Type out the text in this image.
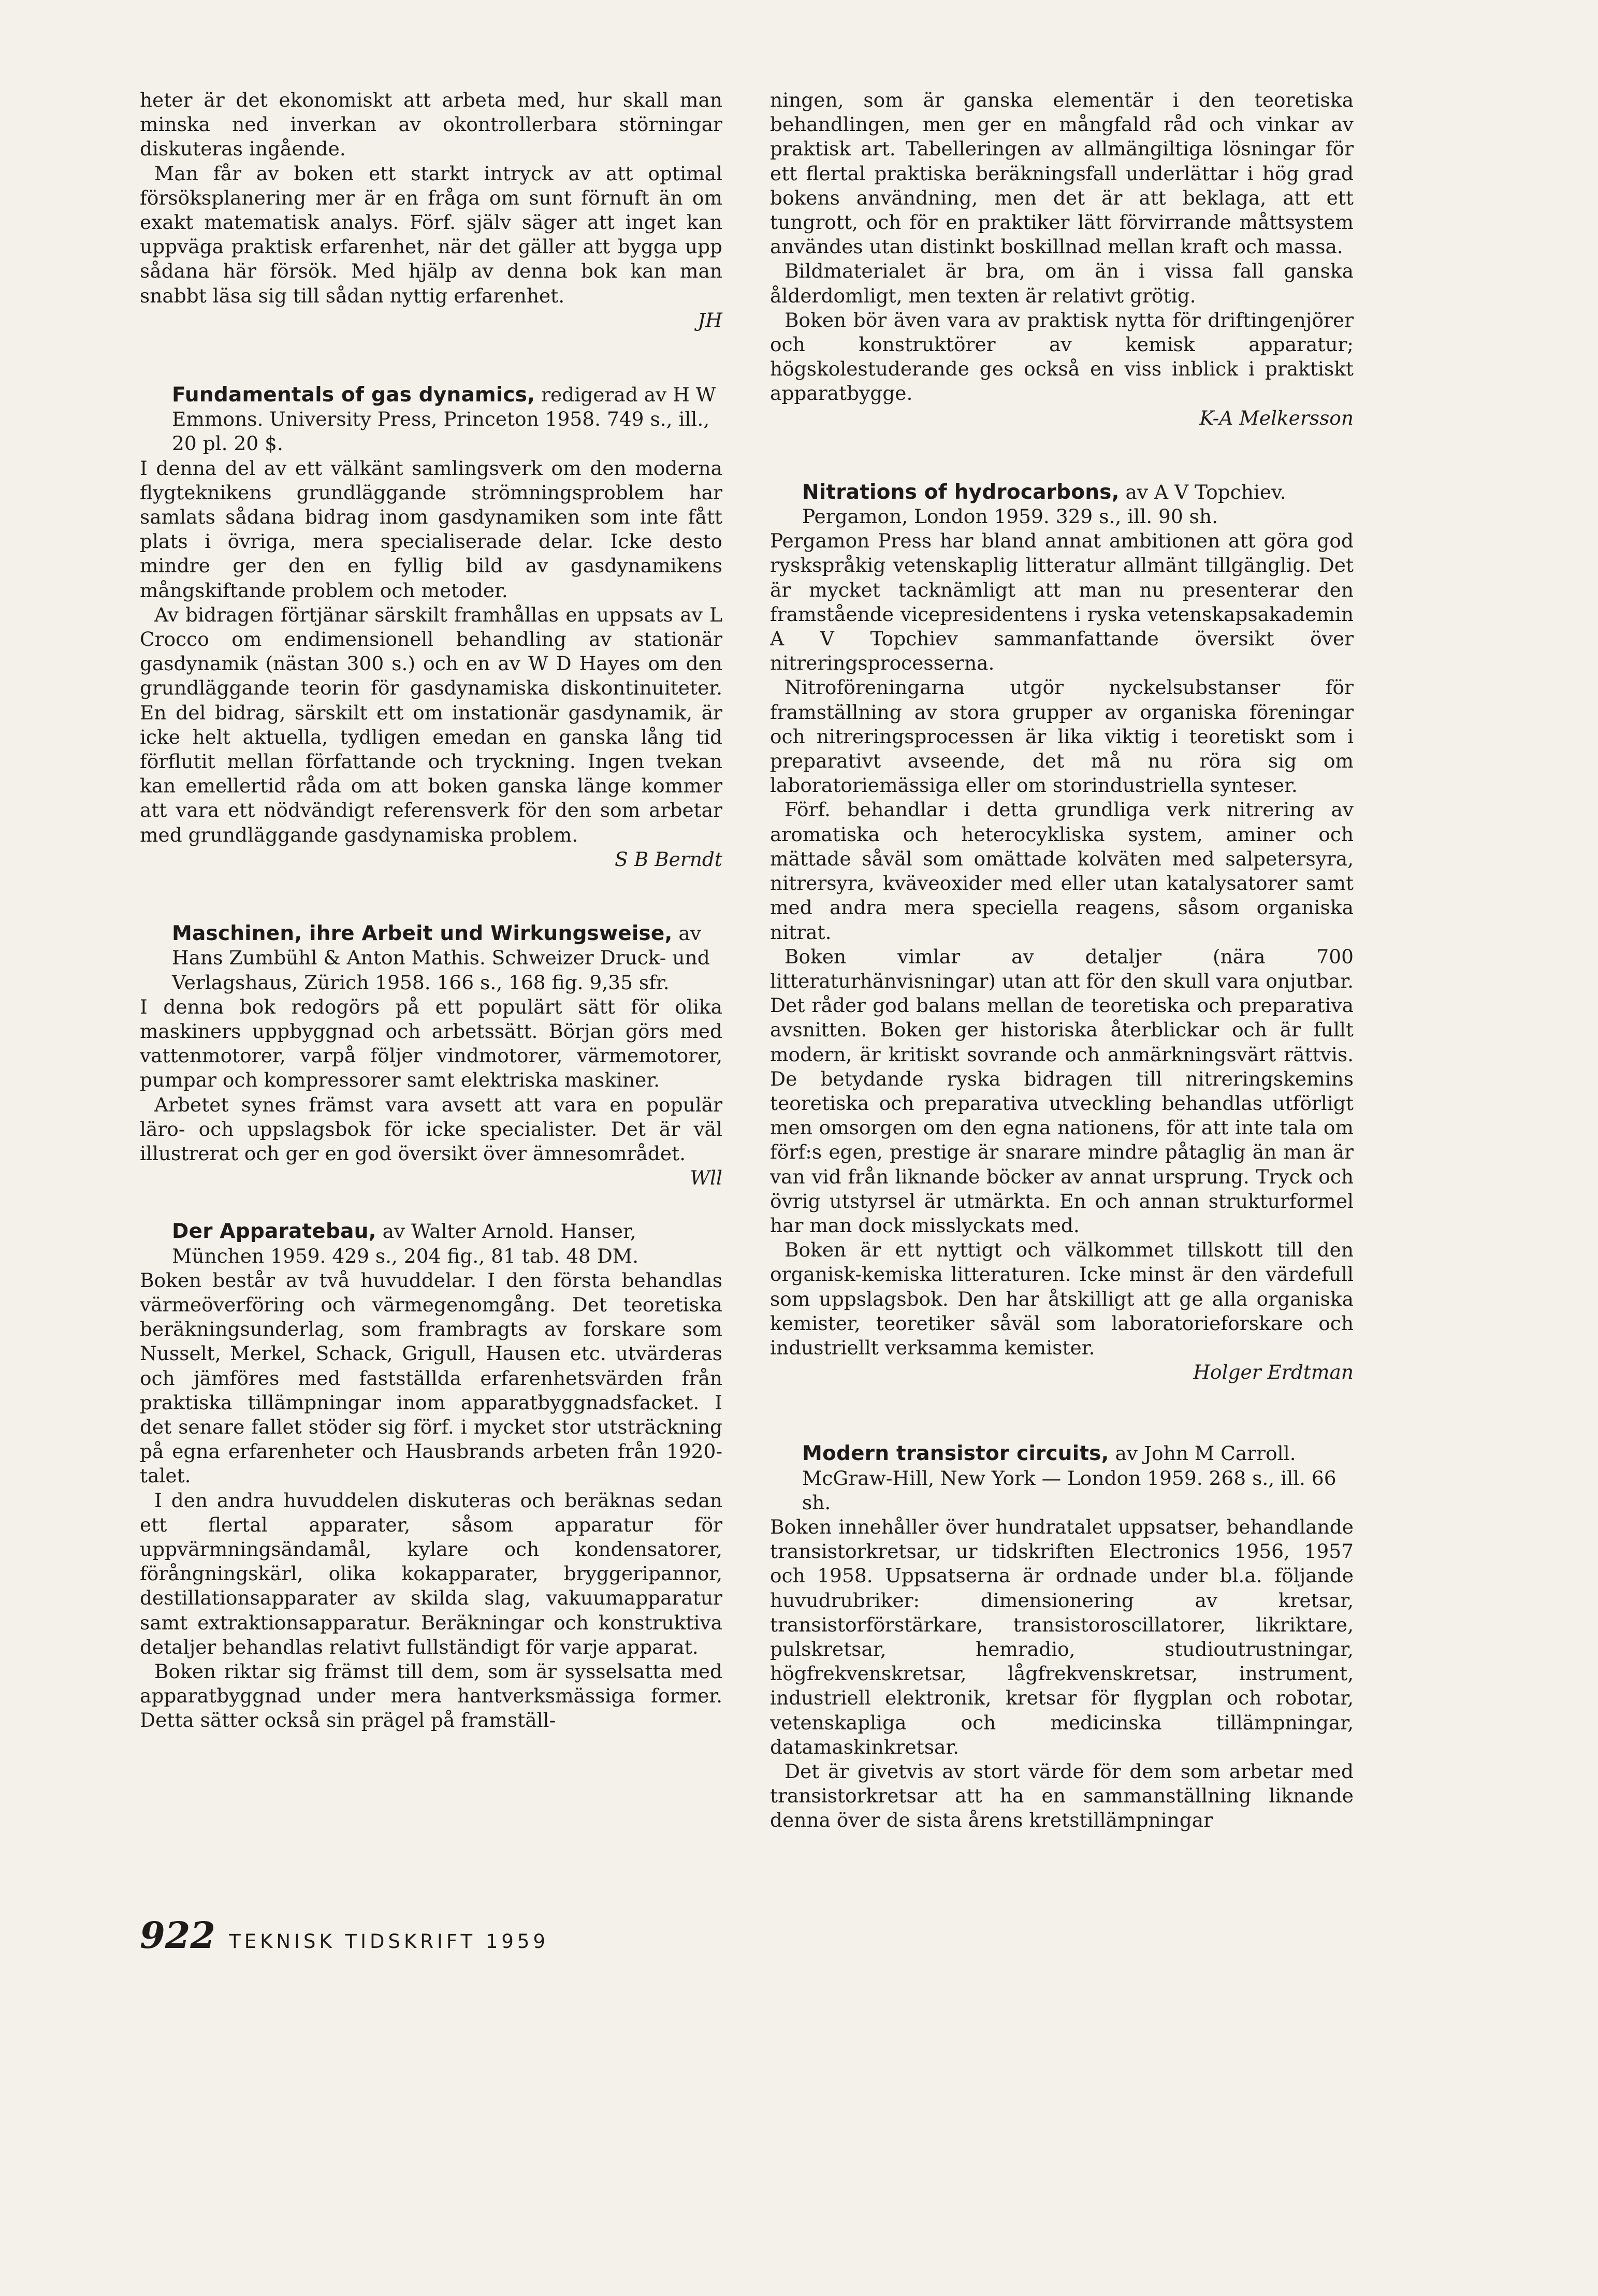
heter är det ekonomiskt att arbeta med, hur skall man minska ned inverkan av okontrollerbara störningar diskuteras ingående.

Man får av boken ett starkt intryck av att optimal försöksplanering mer är en fråga om sunt förnuft än om exakt matematisk analys. Förf. själv säger att inget kan uppväga praktisk erfarenhet, när det gäller att bygga upp sådana här försök. Med hjälp av denna bok kan man snabbt läsa sig till sådan nyttig erfarenhet.

JH

Fundamentals of gas dynamics, redigerad av H W Emmons. University Press, Princeton 1958. 749 s., ill., 20 pl. 20 $.

I denna del av ett välkänt samlingsverk om den moderna flygteknikens grundläggande strömningsproblem har samlats sådana bidrag inom gasdynamiken som inte fått plats i övriga, mera specialiserade delar. Icke desto mindre ger den en fyllig bild av gasdynamikens mångskiftande problem och metoder.

Av bidragen förtjänar särskilt framhållas en uppsats av L Crocco om endimensionell behandling av stationär gasdynamik (nästan 300 s.) och en av W D Hayes om den grundläggande teorin för gasdynamiska diskontinuiteter. En del bidrag, särskilt ett om instationär gasdynamik, är icke helt aktuella, tydligen emedan en ganska lång tid förflutit mellan författande och tryckning. Ingen tvekan kan emellertid råda om att boken ganska länge kommer att vara ett nödvändigt referensverk för den som arbetar med grundläggande gasdynamiska problem.

S B Berndt

Maschinen, ihre Arbeit und Wirkungsweise, av Hans Zumbühl & Anton Mathis. Schweizer Druck- und Verlagshaus, Zürich 1958. 166 s., 168 fig. 9,35 sfr.

I denna bok redogörs på ett populärt sätt för olika maskiners uppbyggnad och arbetssätt. Början görs med vattenmotorer, varpå följer vindmotorer, värmemotorer, pumpar och kompressorer samt elektriska maskiner.

Arbetet synes främst vara avsett att vara en populär läro- och uppslagsbok för icke specialister. Det är väl illustrerat och ger en god översikt över ämnesområdet.

Wll

Der Apparatebau, av Walter Arnold. Hanser, München 1959. 429 s., 204 fig., 81 tab. 48 DM.

Boken består av två huvuddelar. I den första behandlas värmeöverföring och värmegenomgång. Det teoretiska beräkningsunderlag, som frambragts av forskare som Nusselt, Merkel, Schack, Grigull, Hausen etc. utvärderas och jämföres med fastställda erfarenhetsvärden från praktiska tillämpningar inom apparatbyggnadsfacket. I det senare fallet stöder sig förf. i mycket stor utsträckning på egna erfarenheter och Hausbrands arbeten från 1920-talet.

I den andra huvuddelen diskuteras och beräknas sedan ett flertal apparater, såsom apparatur för uppvärmningsändamål, kylare och kondensatorer, förångningskärl, olika kokapparater, bryggeripannor, destillationsapparater av skilda slag, vakuumapparatur samt extraktionsapparatur. Beräkningar och konstruktiva detaljer behandlas relativt fullständigt för varje apparat.

Boken riktar sig främst till dem, som är sysselsatta med apparatbyggnad under mera hantverksmässiga former. Detta sätter också sin prägel på framställ-

ningen, som är ganska elementär i den teoretiska behandlingen, men ger en mångfald råd och vinkar av praktisk art. Tabelleringen av allmängiltiga lösningar för ett flertal praktiska beräkningsfall underlättar i hög grad bokens användning, men det är att beklaga, att ett tungrott, och för en praktiker lätt förvirrande måttsystem användes utan distinkt boskillnad mellan kraft och massa.

Bildmaterialet är bra, om än i vissa fall ganska ålderdomligt, men texten är relativt grötig.

Boken bör även vara av praktisk nytta för driftingenjörer och konstruktörer av kemisk apparatur; högskolestuderande ges också en viss inblick i praktiskt apparatbygge.

K-A Melkersson

Nitrations of hydrocarbons, av A V Topchiev. Pergamon, London 1959. 329 s., ill. 90 sh.

Pergamon Press har bland annat ambitionen att göra god ryskspråkig vetenskaplig litteratur allmänt tillgänglig. Det är mycket tacknämligt att man nu presenterar den framstående vicepresidentens i ryska vetenskapsakademin A V Topchiev sammanfattande översikt över nitreringsprocesserna.

Nitroföreningarna utgör nyckelsubstanser för framställning av stora grupper av organiska föreningar och nitreringsprocessen är lika viktig i teoretiskt som i preparativt avseende, det må nu röra sig om laboratoriemässiga eller om storindustriella synteser.

Förf. behandlar i detta grundliga verk nitrering av aromatiska och heterocykliska system, aminer och mättade såväl som omättade kolväten med salpetersyra, nitrersyra, kväveoxider med eller utan katalysatorer samt med andra mera speciella reagens, såsom organiska nitrat.

Boken vimlar av detaljer (nära 700 litteraturhänvisningar) utan att för den skull vara onjutbar. Det råder god balans mellan de teoretiska och preparativa avsnitten. Boken ger historiska återblickar och är fullt modern, är kritiskt sovrande och anmärkningsvärt rättvis. De betydande ryska bidragen till nitreringskemins teoretiska och preparativa utveckling behandlas utförligt men omsorgen om den egna nationens, för att inte tala om förf:s egen, prestige är snarare mindre påtaglig än man är van vid från liknande böcker av annat ursprung. Tryck och övrig utstyrsel är utmärkta. En och annan strukturformel har man dock misslyckats med.

Boken är ett nyttigt och välkommet tillskott till den organisk-kemiska litteraturen. Icke minst är den värdefull som uppslagsbok. Den har åtskilligt att ge alla organiska kemister, teoretiker såväl som laboratorieforskare och industriellt verksamma kemister.

Holger Erdtman

Modern transistor circuits, av John M Carroll. McGraw-Hill, New York — London 1959. 268 s., ill. 66 sh.

Boken innehåller över hundratalet uppsatser, behandlande transistorkretsar, ur tidskriften Electronics 1956, 1957 och 1958. Uppsatserna är ordnade under bl.a. följande huvudrubriker: dimensionering av kretsar, transistorförstärkare, transistoroscillatorer, likriktare, pulskretsar, hemradio, studioutrustningar, högfrekvenskretsar, lågfrekvenskretsar, instrument, industriell elektronik, kretsar för flygplan och robotar, vetenskapliga och medicinska tillämpningar, datamaskinkretsar.

Det är givetvis av stort värde för dem som arbetar med transistorkretsar att ha en sammanställning liknande denna över de sista årens kretstillämpningar

922 TEKNISK TIDSKRIFT 1959
